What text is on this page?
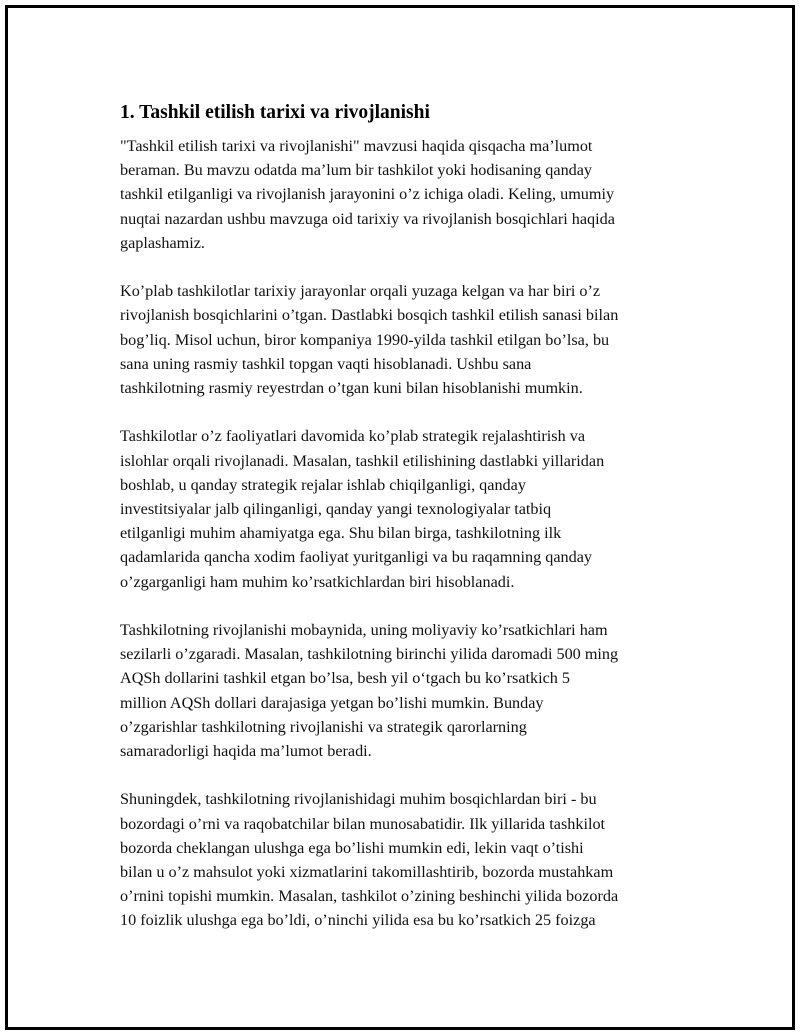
1. Tashkil etilish tarixi va rivojlanishi

"Tashkil etilish tarixi va rivojlanishi" mavzusi haqida qisqacha ma’lumot
beraman. Bu mavzu odatda ma’lum bir tashkilot yoki hodisaning qanday
tashkil etilganligi va rivojlanish jarayonini o’z ichiga oladi. Keling, umumiy
nuqtai nazardan ushbu mavzuga oid tarixiy va rivojlanish bosqichlari haqida
gaplashamiz.

Ko’plab tashkilotlar tarixiy jarayonlar orqali yuzaga kelgan va har biri o’z
rivojlanish bosqichlarini o’tgan. Dastlabki bosqich tashkil etilish sanasi bilan
bog’liq. Misol uchun, biror kompaniya 1990-yilda tashkil etilgan bo’lsa, bu
sana uning rasmiy tashkil topgan vaqti hisoblanadi. Ushbu sana
tashkilotning rasmiy reyestrdan o’tgan kuni bilan hisoblanishi mumkin.

Tashkilotlar o’z faoliyatlari davomida ko’plab strategik rejalashtirish va
islohlar orqali rivojlanadi. Masalan, tashkil etilishining dastlabki yillaridan
boshlab, u qanday strategik rejalar ishlab chiqilganligi, qanday
investitsiyalar jalb qilinganligi, qanday yangi texnologiyalar tatbiq
etilganligi muhim ahamiyatga ega. Shu bilan birga, tashkilotning ilk
qadamlarida qancha xodim faoliyat yuritganligi va bu raqamning qanday
o’zgarganligi ham muhim ko’rsatkichlardan biri hisoblanadi.

Tashkilotning rivojlanishi mobaynida, uning moliyaviy ko’rsatkichlari ham
sezilarli o’zgaradi. Masalan, tashkilotning birinchi yilida daromadi 500 ming
AQSh dollarini tashkil etgan bo’lsa, besh yil o‘tgach bu ko’rsatkich 5
million AQSh dollari darajasiga yetgan bo’lishi mumkin. Bunday
o’zgarishlar tashkilotning rivojlanishi va strategik qarorlarning
samaradorligi haqida ma’lumot beradi.

Shuningdek, tashkilotning rivojlanishidagi muhim bosqichlardan biri - bu
bozordagi o’rni va raqobatchilar bilan munosabatidir. Ilk yillarida tashkilot
bozorda cheklangan ulushga ega bo’lishi mumkin edi, lekin vaqt o’tishi
bilan u o’z mahsulot yoki xizmatlarini takomillashtirib, bozorda mustahkam
o’rnini topishi mumkin. Masalan, tashkilot o’zining beshinchi yilida bozorda
10 foizlik ulushga ega bo’ldi, o’ninchi yilida esa bu ko’rsatkich 25 foizga
